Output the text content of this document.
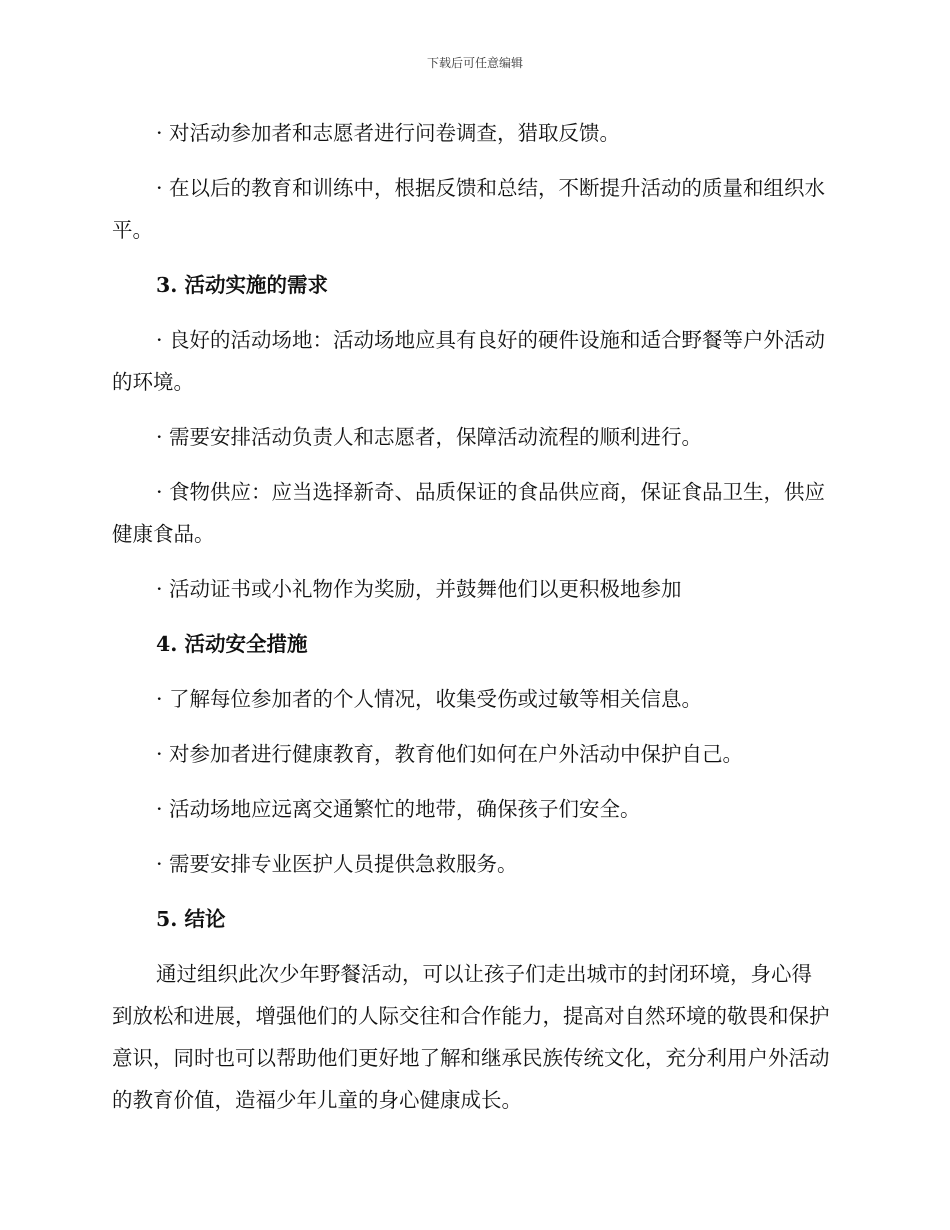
下载后可任意编辑

· 对活动参加者和志愿者进行问卷调查，猎取反馈。

· 在以后的教育和训练中，根据反馈和总结，不断提升活动的质量和组织水平。

3. 活动实施的需求

· 良好的活动场地：活动场地应具有良好的硬件设施和适合野餐等户外活动的环境。

· 需要安排活动负责人和志愿者，保障活动流程的顺利进行。

· 食物供应：应当选择新奇、品质保证的食品供应商，保证食品卫生，供应健康食品。

· 活动证书或小礼物作为奖励，并鼓舞他们以更积极地参加

4. 活动安全措施

· 了解每位参加者的个人情况，收集受伤或过敏等相关信息。

· 对参加者进行健康教育，教育他们如何在户外活动中保护自己。

· 活动场地应远离交通繁忙的地带，确保孩子们安全。

· 需要安排专业医护人员提供急救服务。

5. 结论

通过组织此次少年野餐活动，可以让孩子们走出城市的封闭环境，身心得到放松和进展，增强他们的人际交往和合作能力，提高对自然环境的敬畏和保护意识，同时也可以帮助他们更好地了解和继承民族传统文化，充分利用户外活动的教育价值，造福少年儿童的身心健康成长。
